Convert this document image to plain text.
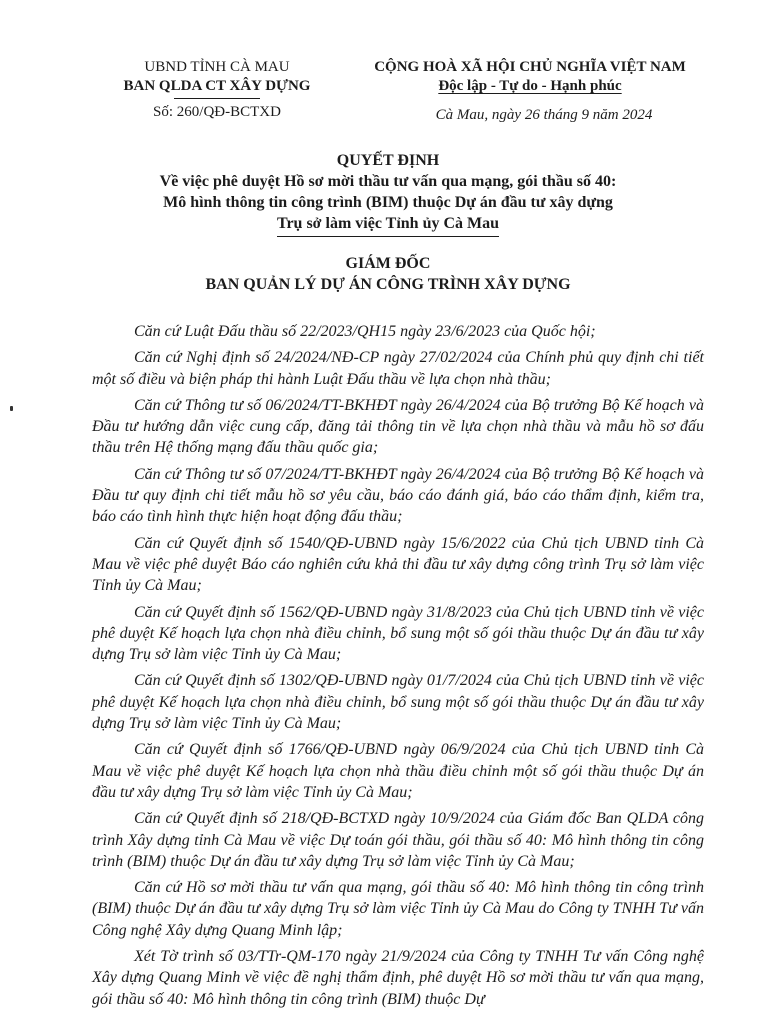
UBND TỈNH CÀ MAU
BAN QLDA CT XÂY DỰNG
Số: 260/QĐ-BCTXD
CỘNG HOÀ XÃ HỘI CHỦ NGHĨA VIỆT NAM
Độc lập - Tự do - Hạnh phúc
Cà Mau, ngày 26 tháng 9 năm 2024
QUYẾT ĐỊNH
Về việc phê duyệt Hồ sơ mời thầu tư vấn qua mạng, gói thầu số 40:
Mô hình thông tin công trình (BIM) thuộc Dự án đầu tư xây dựng
Trụ sở làm việc Tỉnh ủy Cà Mau
GIÁM ĐỐC
BAN QUẢN LÝ DỰ ÁN CÔNG TRÌNH XÂY DỰNG

Căn cứ Luật Đấu thầu số 22/2023/QH15 ngày 23/6/2023 của Quốc hội;

Căn cứ Nghị định số 24/2024/NĐ-CP ngày 27/02/2024 của Chính phủ quy định chi tiết một số điều và biện pháp thi hành Luật Đấu thầu về lựa chọn nhà thầu;

Căn cứ Thông tư số 06/2024/TT-BKHĐT ngày 26/4/2024 của Bộ trưởng Bộ Kế hoạch và Đầu tư hướng dẫn việc cung cấp, đăng tải thông tin về lựa chọn nhà thầu và mẫu hồ sơ đấu thầu trên Hệ thống mạng đấu thầu quốc gia;

Căn cứ Thông tư số 07/2024/TT-BKHĐT ngày 26/4/2024 của Bộ trưởng Bộ Kế hoạch và Đầu tư quy định chi tiết mẫu hồ sơ yêu cầu, báo cáo đánh giá, báo cáo thẩm định, kiểm tra, báo cáo tình hình thực hiện hoạt động đấu thầu;

Căn cứ Quyết định số 1540/QĐ-UBND ngày 15/6/2022 của Chủ tịch UBND tỉnh Cà Mau về việc phê duyệt Báo cáo nghiên cứu khả thi đầu tư xây dựng công trình Trụ sở làm việc Tỉnh ủy Cà Mau;

Căn cứ Quyết định số 1562/QĐ-UBND ngày 31/8/2023 của Chủ tịch UBND tỉnh về việc phê duyệt Kế hoạch lựa chọn nhà điều chỉnh, bổ sung một số gói thầu thuộc Dự án đầu tư xây dựng Trụ sở làm việc Tỉnh ủy Cà Mau;

Căn cứ Quyết định số 1302/QĐ-UBND ngày 01/7/2024 của Chủ tịch UBND tỉnh về việc phê duyệt Kế hoạch lựa chọn nhà điều chỉnh, bổ sung một số gói thầu thuộc Dự án đầu tư xây dựng Trụ sở làm việc Tỉnh ủy Cà Mau;

Căn cứ Quyết định số 1766/QĐ-UBND ngày 06/9/2024 của Chủ tịch UBND tỉnh Cà Mau về việc phê duyệt Kế hoạch lựa chọn nhà thầu điều chỉnh một số gói thầu thuộc Dự án đầu tư xây dựng Trụ sở làm việc Tỉnh ủy Cà Mau;

Căn cứ Quyết định số 218/QĐ-BCTXD ngày 10/9/2024 của Giám đốc Ban QLDA công trình Xây dựng tỉnh Cà Mau về việc Dự toán gói thầu, gói thầu số 40: Mô hình thông tin công trình (BIM) thuộc Dự án đầu tư xây dựng Trụ sở làm việc Tỉnh ủy Cà Mau;

Căn cứ Hồ sơ mời thầu tư vấn qua mạng, gói thầu số 40: Mô hình thông tin công trình (BIM) thuộc Dự án đầu tư xây dựng Trụ sở làm việc Tỉnh ủy Cà Mau do Công ty TNHH Tư vấn Công nghệ Xây dựng Quang Minh lập;

Xét Tờ trình số 03/TTr-QM-170 ngày 21/9/2024 của Công ty TNHH Tư vấn Công nghệ Xây dựng Quang Minh về việc đề nghị thẩm định, phê duyệt Hồ sơ mời thầu tư vấn qua mạng, gói thầu số 40: Mô hình thông tin công trình (BIM) thuộc Dự
